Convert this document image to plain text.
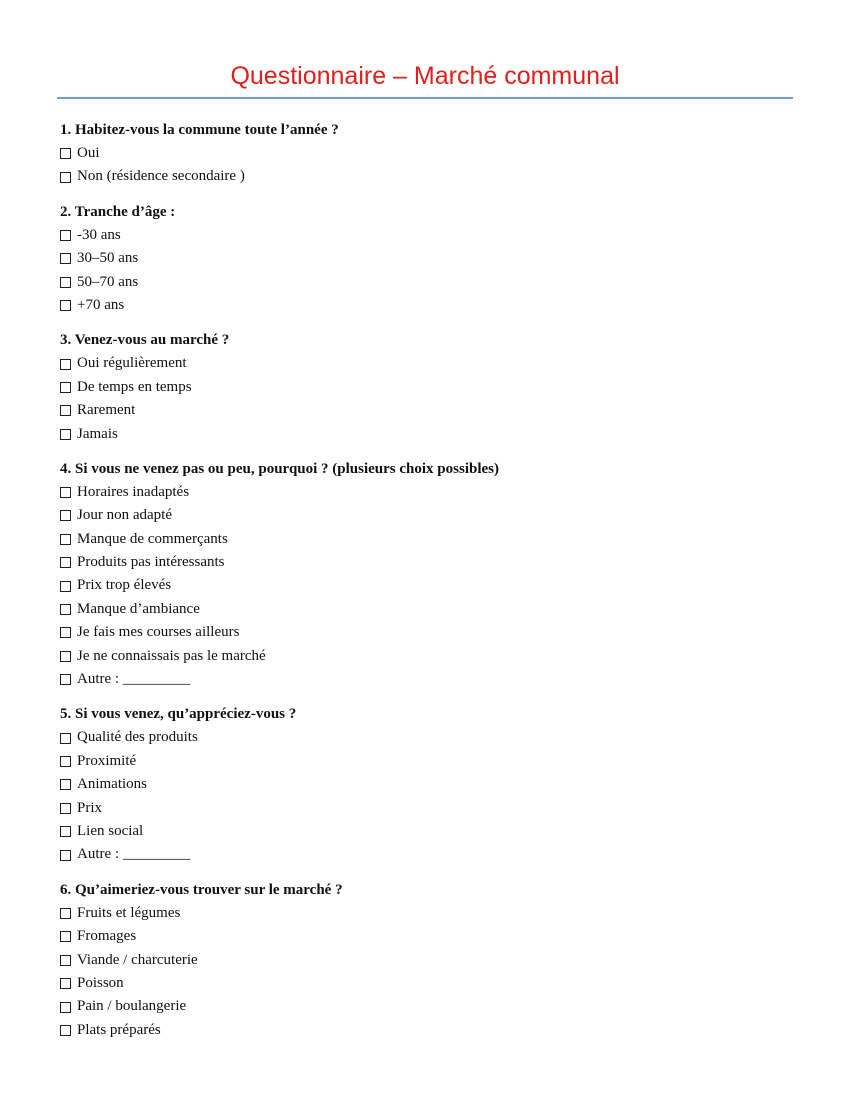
Questionnaire – Marché communal

1. Habitez-vous la commune toute l’année ?

Oui
Non (résidence secondaire )

2. Tranche d’âge :

-30 ans
30–50 ans
50–70 ans
+70 ans

3. Venez-vous au marché ?

Oui régulièrement
De temps en temps
Rarement
Jamais

4. Si vous ne venez pas ou peu, pourquoi ? (plusieurs choix possibles)

Horaires inadaptés
Jour non adapté
Manque de commerçants
Produits pas intéressants
Prix trop élevés
Manque d’ambiance
Je fais mes courses ailleurs
Je ne connaissais pas le marché
Autre : _________

5. Si vous venez, qu’appréciez-vous ?

Qualité des produits
Proximité
Animations
Prix
Lien social
Autre : _________

6. Qu’aimeriez-vous trouver sur le marché ?

Fruits et légumes
Fromages
Viande / charcuterie
Poisson
Pain / boulangerie
Plats préparés
